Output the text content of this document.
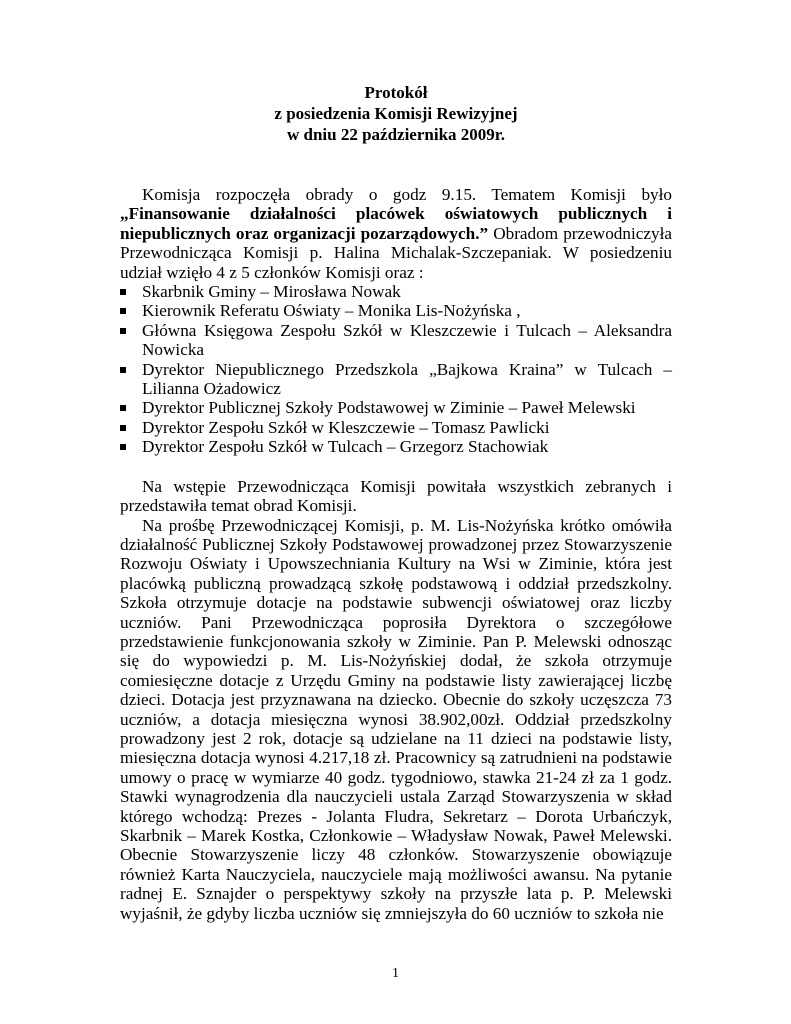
Protokół

z posiedzenia Komisji Rewizyjnej

w dniu 22 października 2009r.

Komisja rozpoczęła obrady o godz 9.15. Tematem Komisji było „Finansowanie działalności placówek oświatowych publicznych i niepublicznych oraz organizacji pozarządowych.” Obradom przewodniczyła Przewodnicząca Komisji p. Halina Michalak-Szczepaniak. W posiedzeniu udział wzięło 4 z 5 członków Komisji oraz :

Skarbnik Gminy – Mirosława Nowak
Kierownik Referatu Oświaty – Monika Lis-Nożyńska ,
Główna Księgowa Zespołu Szkół w Kleszczewie i Tulcach – Aleksandra Nowicka
Dyrektor Niepublicznego Przedszkola „Bajkowa Kraina” w Tulcach – Lilianna Ożadowicz
Dyrektor Publicznej Szkoły Podstawowej w Ziminie – Paweł Melewski
Dyrektor Zespołu Szkół w Kleszczewie – Tomasz Pawlicki
Dyrektor Zespołu Szkół w Tulcach – Grzegorz Stachowiak

Na wstępie Przewodnicząca Komisji powitała wszystkich zebranych i przedstawiła temat obrad Komisji.

Na prośbę Przewodniczącej Komisji, p. M. Lis-Nożyńska krótko omówiła działalność Publicznej Szkoły Podstawowej prowadzonej przez Stowarzyszenie Rozwoju Oświaty i Upowszechniania Kultury na Wsi w Ziminie, która jest placówką publiczną prowadzącą szkołę podstawową i oddział przedszkolny. Szkoła otrzymuje dotacje na podstawie subwencji oświatowej oraz liczby uczniów. Pani Przewodnicząca poprosiła Dyrektora o szczegółowe przedstawienie funkcjonowania szkoły w Ziminie. Pan P. Melewski odnosząc się do wypowiedzi p. M. Lis-Nożyńskiej dodał, że szkoła otrzymuje comiesięczne dotacje z Urzędu Gminy na podstawie listy zawierającej liczbę dzieci. Dotacja jest przyznawana na dziecko. Obecnie do szkoły uczęszcza 73 uczniów, a dotacja miesięczna wynosi 38.902,00zł. Oddział przedszkolny prowadzony jest 2 rok, dotacje są udzielane na 11 dzieci na podstawie listy, miesięczna dotacja wynosi 4.217,18 zł. Pracownicy są zatrudnieni na podstawie umowy o pracę w wymiarze 40 godz. tygodniowo, stawka 21-24 zł za 1 godz. Stawki wynagrodzenia dla nauczycieli ustala Zarząd Stowarzyszenia w skład którego wchodzą: Prezes - Jolanta Fludra, Sekretarz – Dorota Urbańczyk, Skarbnik – Marek Kostka, Członkowie – Władysław Nowak, Paweł Melewski. Obecnie Stowarzyszenie liczy 48 członków. Stowarzyszenie obowiązuje również Karta Nauczyciela, nauczyciele mają możliwości awansu. Na pytanie radnej E. Sznajder o perspektywy szkoły na przyszłe lata p. P. Melewski wyjaśnił, że gdyby liczba uczniów się zmniejszyła do 60 uczniów to szkoła nie

1
